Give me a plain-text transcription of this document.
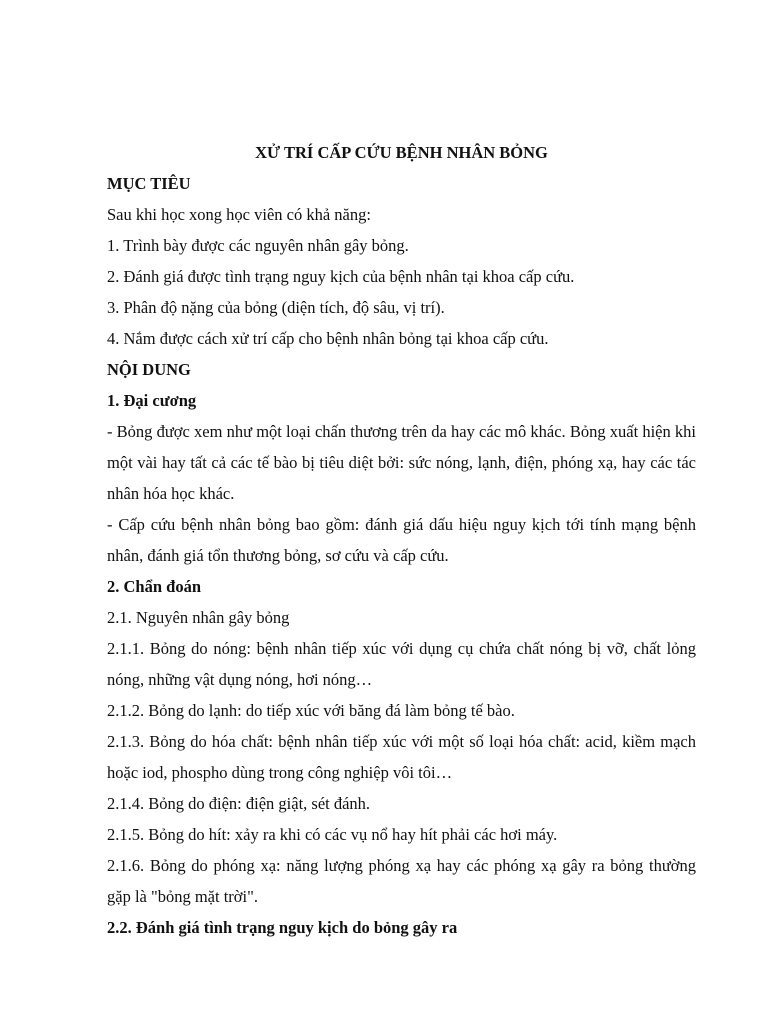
XỬ TRÍ CẤP CỨU BỆNH NHÂN BỎNG

MỤC TIÊU

Sau khi học xong học viên có khả năng:

1. Trình bày được các nguyên nhân gây bỏng.

2. Đánh giá được tình trạng nguy kịch của bệnh nhân tại khoa cấp cứu.

3. Phân độ nặng của bỏng (diện tích, độ sâu, vị trí).

4. Nắm được cách xử trí cấp cho bệnh nhân bỏng tại khoa cấp cứu.

NỘI DUNG

1. Đại cương

- Bỏng được xem như một loại chấn thương trên da hay các mô khác. Bỏng xuất hiện khi một vài hay tất cả các tế bào bị tiêu diệt bởi: sức nóng, lạnh, điện, phóng xạ, hay các tác nhân hóa học khác.

- Cấp cứu bệnh nhân bỏng bao gồm: đánh giá dấu hiệu nguy kịch tới tính mạng bệnh nhân, đánh giá tổn thương bỏng, sơ cứu và cấp cứu.

2. Chẩn đoán

2.1. Nguyên nhân gây bỏng

2.1.1. Bỏng do nóng: bệnh nhân tiếp xúc với dụng cụ chứa chất nóng bị vỡ, chất lỏng nóng, những vật dụng nóng, hơi nóng…

2.1.2. Bỏng do lạnh: do tiếp xúc với băng đá làm bỏng tế bào.

2.1.3. Bỏng do hóa chất: bệnh nhân tiếp xúc với một số loại hóa chất: acid, kiềm mạch hoặc iod, phospho dùng trong công nghiệp vôi tôi…

2.1.4. Bỏng do điện: điện giật, sét đánh.

2.1.5. Bỏng do hít: xảy ra khi có các vụ nổ hay hít phải các hơi máy.

2.1.6. Bỏng do phóng xạ: năng lượng phóng xạ hay các phóng xạ gây ra bỏng thường gặp là "bỏng mặt trời".

2.2. Đánh giá tình trạng nguy kịch do bỏng gây ra
